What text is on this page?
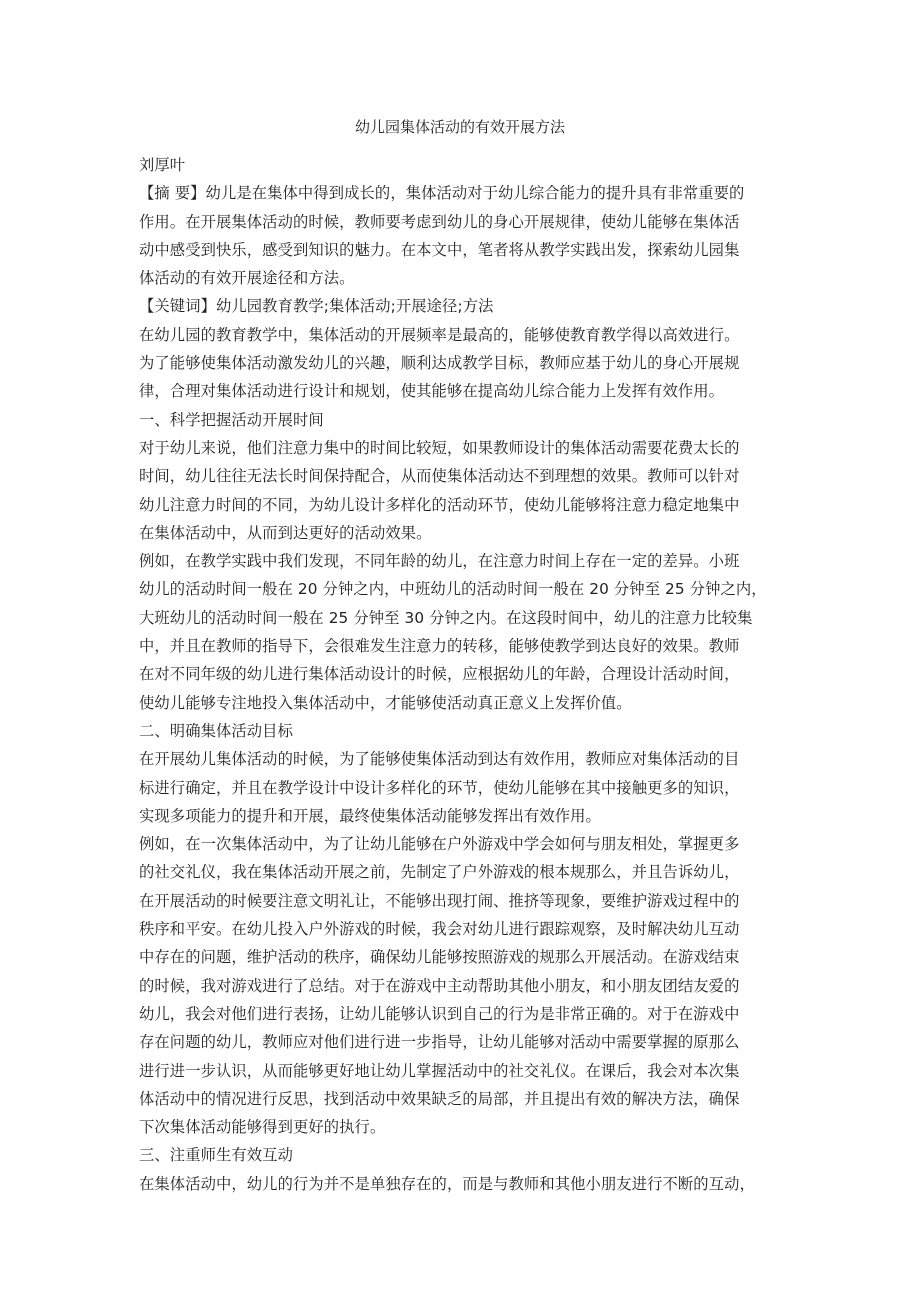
幼儿园集体活动的有效开展方法
刘厚叶
【摘 要】幼儿是在集体中得到成长的，集体活动对于幼儿综合能力的提升具有非常重要的
作用。在开展集体活动的时候，教师要考虑到幼儿的身心开展规律，使幼儿能够在集体活
动中感受到快乐，感受到知识的魅力。在本文中，笔者将从教学实践出发，探索幼儿园集
体活动的有效开展途径和方法。
【关键词】幼儿园教育教学;集体活动;开展途径;方法
在幼儿园的教育教学中，集体活动的开展频率是最高的，能够使教育教学得以高效进行。
为了能够使集体活动激发幼儿的兴趣，顺利达成教学目标，教师应基于幼儿的身心开展规
律，合理对集体活动进行设计和规划，使其能够在提高幼儿综合能力上发挥有效作用。
一、科学把握活动开展时间
对于幼儿来说，他们注意力集中的时间比较短，如果教师设计的集体活动需要花费太长的
时间，幼儿往往无法长时间保持配合，从而使集体活动达不到理想的效果。教师可以针对
幼儿注意力时间的不同，为幼儿设计多样化的活动环节，使幼儿能够将注意力稳定地集中
在集体活动中，从而到达更好的活动效果。
例如，在教学实践中我们发现，不同年龄的幼儿，在注意力时间上存在一定的差异。小班
幼儿的活动时间一般在 20 分钟之内，中班幼儿的活动时间一般在 20 分钟至 25 分钟之内，
大班幼儿的活动时间一般在 25 分钟至 30 分钟之内。在这段时间中，幼儿的注意力比较集
中，并且在教师的指导下，会很难发生注意力的转移，能够使教学到达良好的效果。教师
在对不同年级的幼儿进行集体活动设计的时候，应根据幼儿的年龄，合理设计活动时间，
使幼儿能够专注地投入集体活动中，才能够使活动真正意义上发挥价值。
二、明确集体活动目标
在开展幼儿集体活动的时候，为了能够使集体活动到达有效作用，教师应对集体活动的目
标进行确定，并且在教学设计中设计多样化的环节，使幼儿能够在其中接触更多的知识，
实现多项能力的提升和开展，最终使集体活动能够发挥出有效作用。
例如，在一次集体活动中，为了让幼儿能够在户外游戏中学会如何与朋友相处，掌握更多
的社交礼仪，我在集体活动开展之前，先制定了户外游戏的根本规那么，并且告诉幼儿，
在开展活动的时候要注意文明礼让，不能够出现打闹、推挤等现象，要维护游戏过程中的
秩序和平安。在幼儿投入户外游戏的时候，我会对幼儿进行跟踪观察，及时解决幼儿互动
中存在的问题，维护活动的秩序，确保幼儿能够按照游戏的规那么开展活动。在游戏结束
的时候，我对游戏进行了总结。对于在游戏中主动帮助其他小朋友，和小朋友团结友爱的
幼儿，我会对他们进行表扬，让幼儿能够认识到自己的行为是非常正确的。对于在游戏中
存在问题的幼儿，教师应对他们进行进一步指导，让幼儿能够对活动中需要掌握的原那么
进行进一步认识，从而能够更好地让幼儿掌握活动中的社交礼仪。在课后，我会对本次集
体活动中的情况进行反思，找到活动中效果缺乏的局部，并且提出有效的解决方法，确保
下次集体活动能够得到更好的执行。
三、注重师生有效互动
在集体活动中，幼儿的行为并不是单独存在的，而是与教师和其他小朋友进行不断的互动，
